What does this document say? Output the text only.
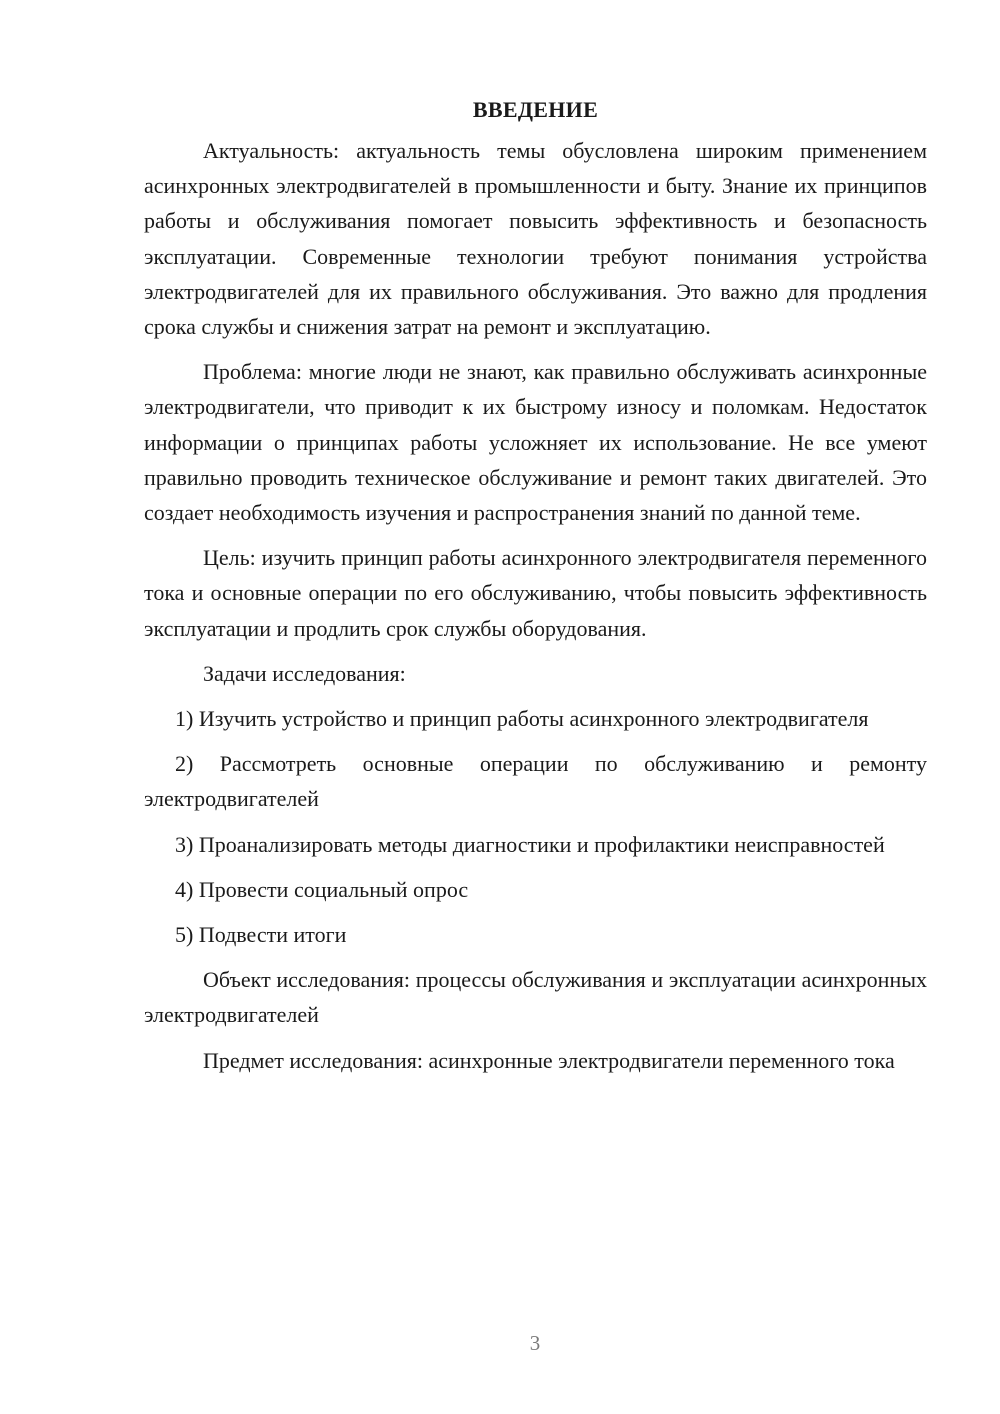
ВВЕДЕНИЕ

Актуальность: актуальность темы обусловлена широким применением асинхронных электродвигателей в промышленности и быту. Знание их принципов работы и обслуживания помогает повысить эффективность и безопасность эксплуатации. Современные технологии требуют понимания устройства электродвигателей для их правильного обслуживания. Это важно для продления срока службы и снижения затрат на ремонт и эксплуатацию.

Проблема: многие люди не знают, как правильно обслуживать асинхронные электродвигатели, что приводит к их быстрому износу и поломкам. Недостаток информации о принципах работы усложняет их использование. Не все умеют правильно проводить техническое обслуживание и ремонт таких двигателей. Это создает необходимость изучения и распространения знаний по данной теме.

Цель: изучить принцип работы асинхронного электродвигателя переменного тока и основные операции по его обслуживанию, чтобы повысить эффективность эксплуатации и продлить срок службы оборудования.

Задачи исследования:

1) Изучить устройство и принцип работы асинхронного электродвигателя

2) Рассмотреть основные операции по обслуживанию и ремонту электродвигателей

3) Проанализировать методы диагностики и профилактики неисправностей

4) Провести социальный опрос

5) Подвести итоги

Объект исследования: процессы обслуживания и эксплуатации асинхронных электродвигателей

Предмет исследования: асинхронные электродвигатели переменного тока

3
